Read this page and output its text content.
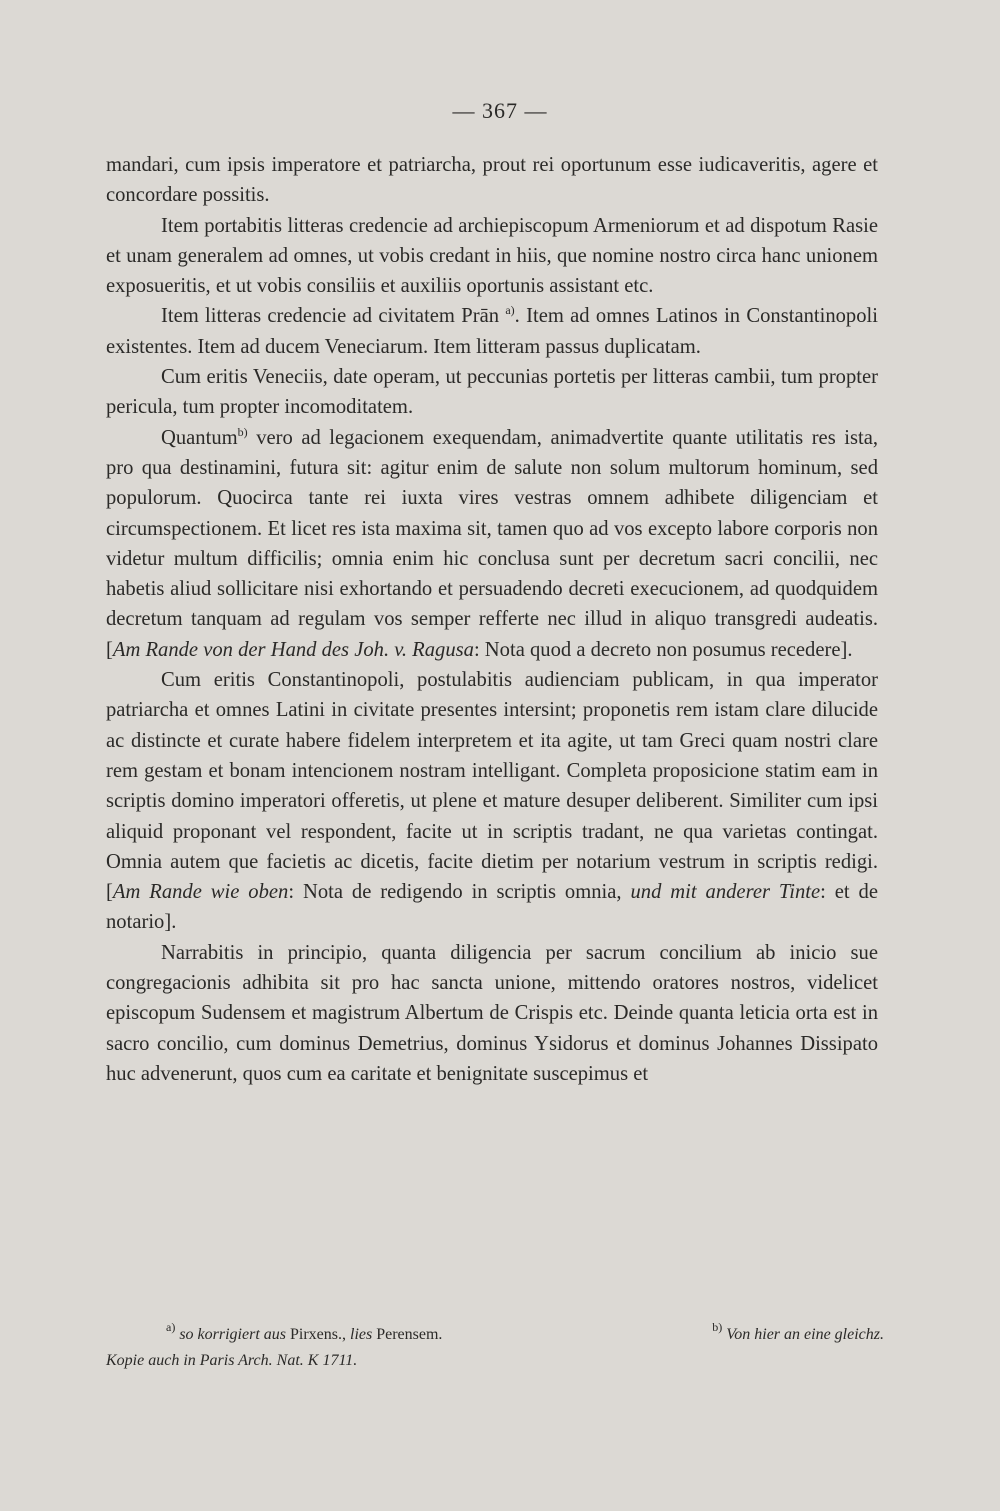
— 367 —

mandari, cum ipsis imperatore et patriarcha, prout rei oportunum esse iudicaveritis, agere et concordare possitis.

Item portabitis litteras credencie ad archiepiscopum Armeniorum et ad dispotum Rasie et unam generalem ad omnes, ut vobis credant in hiis, que nomine nostro circa hanc unionem exposueritis, et ut vobis consiliis et auxiliis oportunis assistant etc.

Item litteras credencie ad civitatem Prān $^{a)}$. Item ad omnes Latinos in Constantinopoli existentes. Item ad ducem Veneciarum. Item litteram passus duplicatam.

Cum eritis Veneciis, date operam, ut peccunias portetis per litteras cambii, tum propter pericula, tum propter incomoditatem.

Quantum$^{b)}$ vero ad legacionem exequendam, animadvertite quante utilitatis res ista, pro qua destinamini, futura sit: agitur enim de salute non solum multorum hominum, sed populorum. Quocirca tante rei iuxta vires vestras omnem adhibete diligenciam et circumspectionem. Et licet res ista maxima sit, tamen quo ad vos excepto labore corporis non videtur multum difficilis; omnia enim hic conclusa sunt per decretum sacri concilii, nec habetis aliud sollicitare nisi exhortando et persuadendo decreti execucionem, ad quodquidem decretum tanquam ad regulam vos semper refferte nec illud in aliquo transgredi audeatis. [Am Rande von der Hand des Joh. v. Ragusa: Nota quod a decreto non posumus recedere].

Cum eritis Constantinopoli, postulabitis audienciam publicam, in qua imperator patriarcha et omnes Latini in civitate presentes intersint; proponetis rem istam clare dilucide ac distincte et curate habere fidelem interpretem et ita agite, ut tam Greci quam nostri clare rem gestam et bonam intencionem nostram intelligant. Completa proposicione statim eam in scriptis domino imperatori offeretis, ut plene et mature desuper deliberent. Similiter cum ipsi aliquid proponant vel respondent, facite ut in scriptis tradant, ne qua varietas contingat. Omnia autem que facietis ac dicetis, facite dietim per notarium vestrum in scriptis redigi. [Am Rande wie oben: Nota de redigendo in scriptis omnia, und mit anderer Tinte: et de notario].

Narrabitis in principio, quanta diligencia per sacrum concilium ab inicio sue congregacionis adhibita sit pro hac sancta unione, mittendo oratores nostros, videlicet episcopum Sudensem et magistrum Albertum de Crispis etc. Deinde quanta leticia orta est in sacro concilio, cum dominus Demetrius, dominus Ysidorus et dominus Johannes Dissipato huc advenerunt, quos cum ea caritate et benignitate suscepimus et

$^{a)}$ so korrigiert aus Pirxens., lies Perensem.	$^{b)}$ Von hier an eine gleichz.
Kopie auch in Paris Arch. Nat. K 1711.
